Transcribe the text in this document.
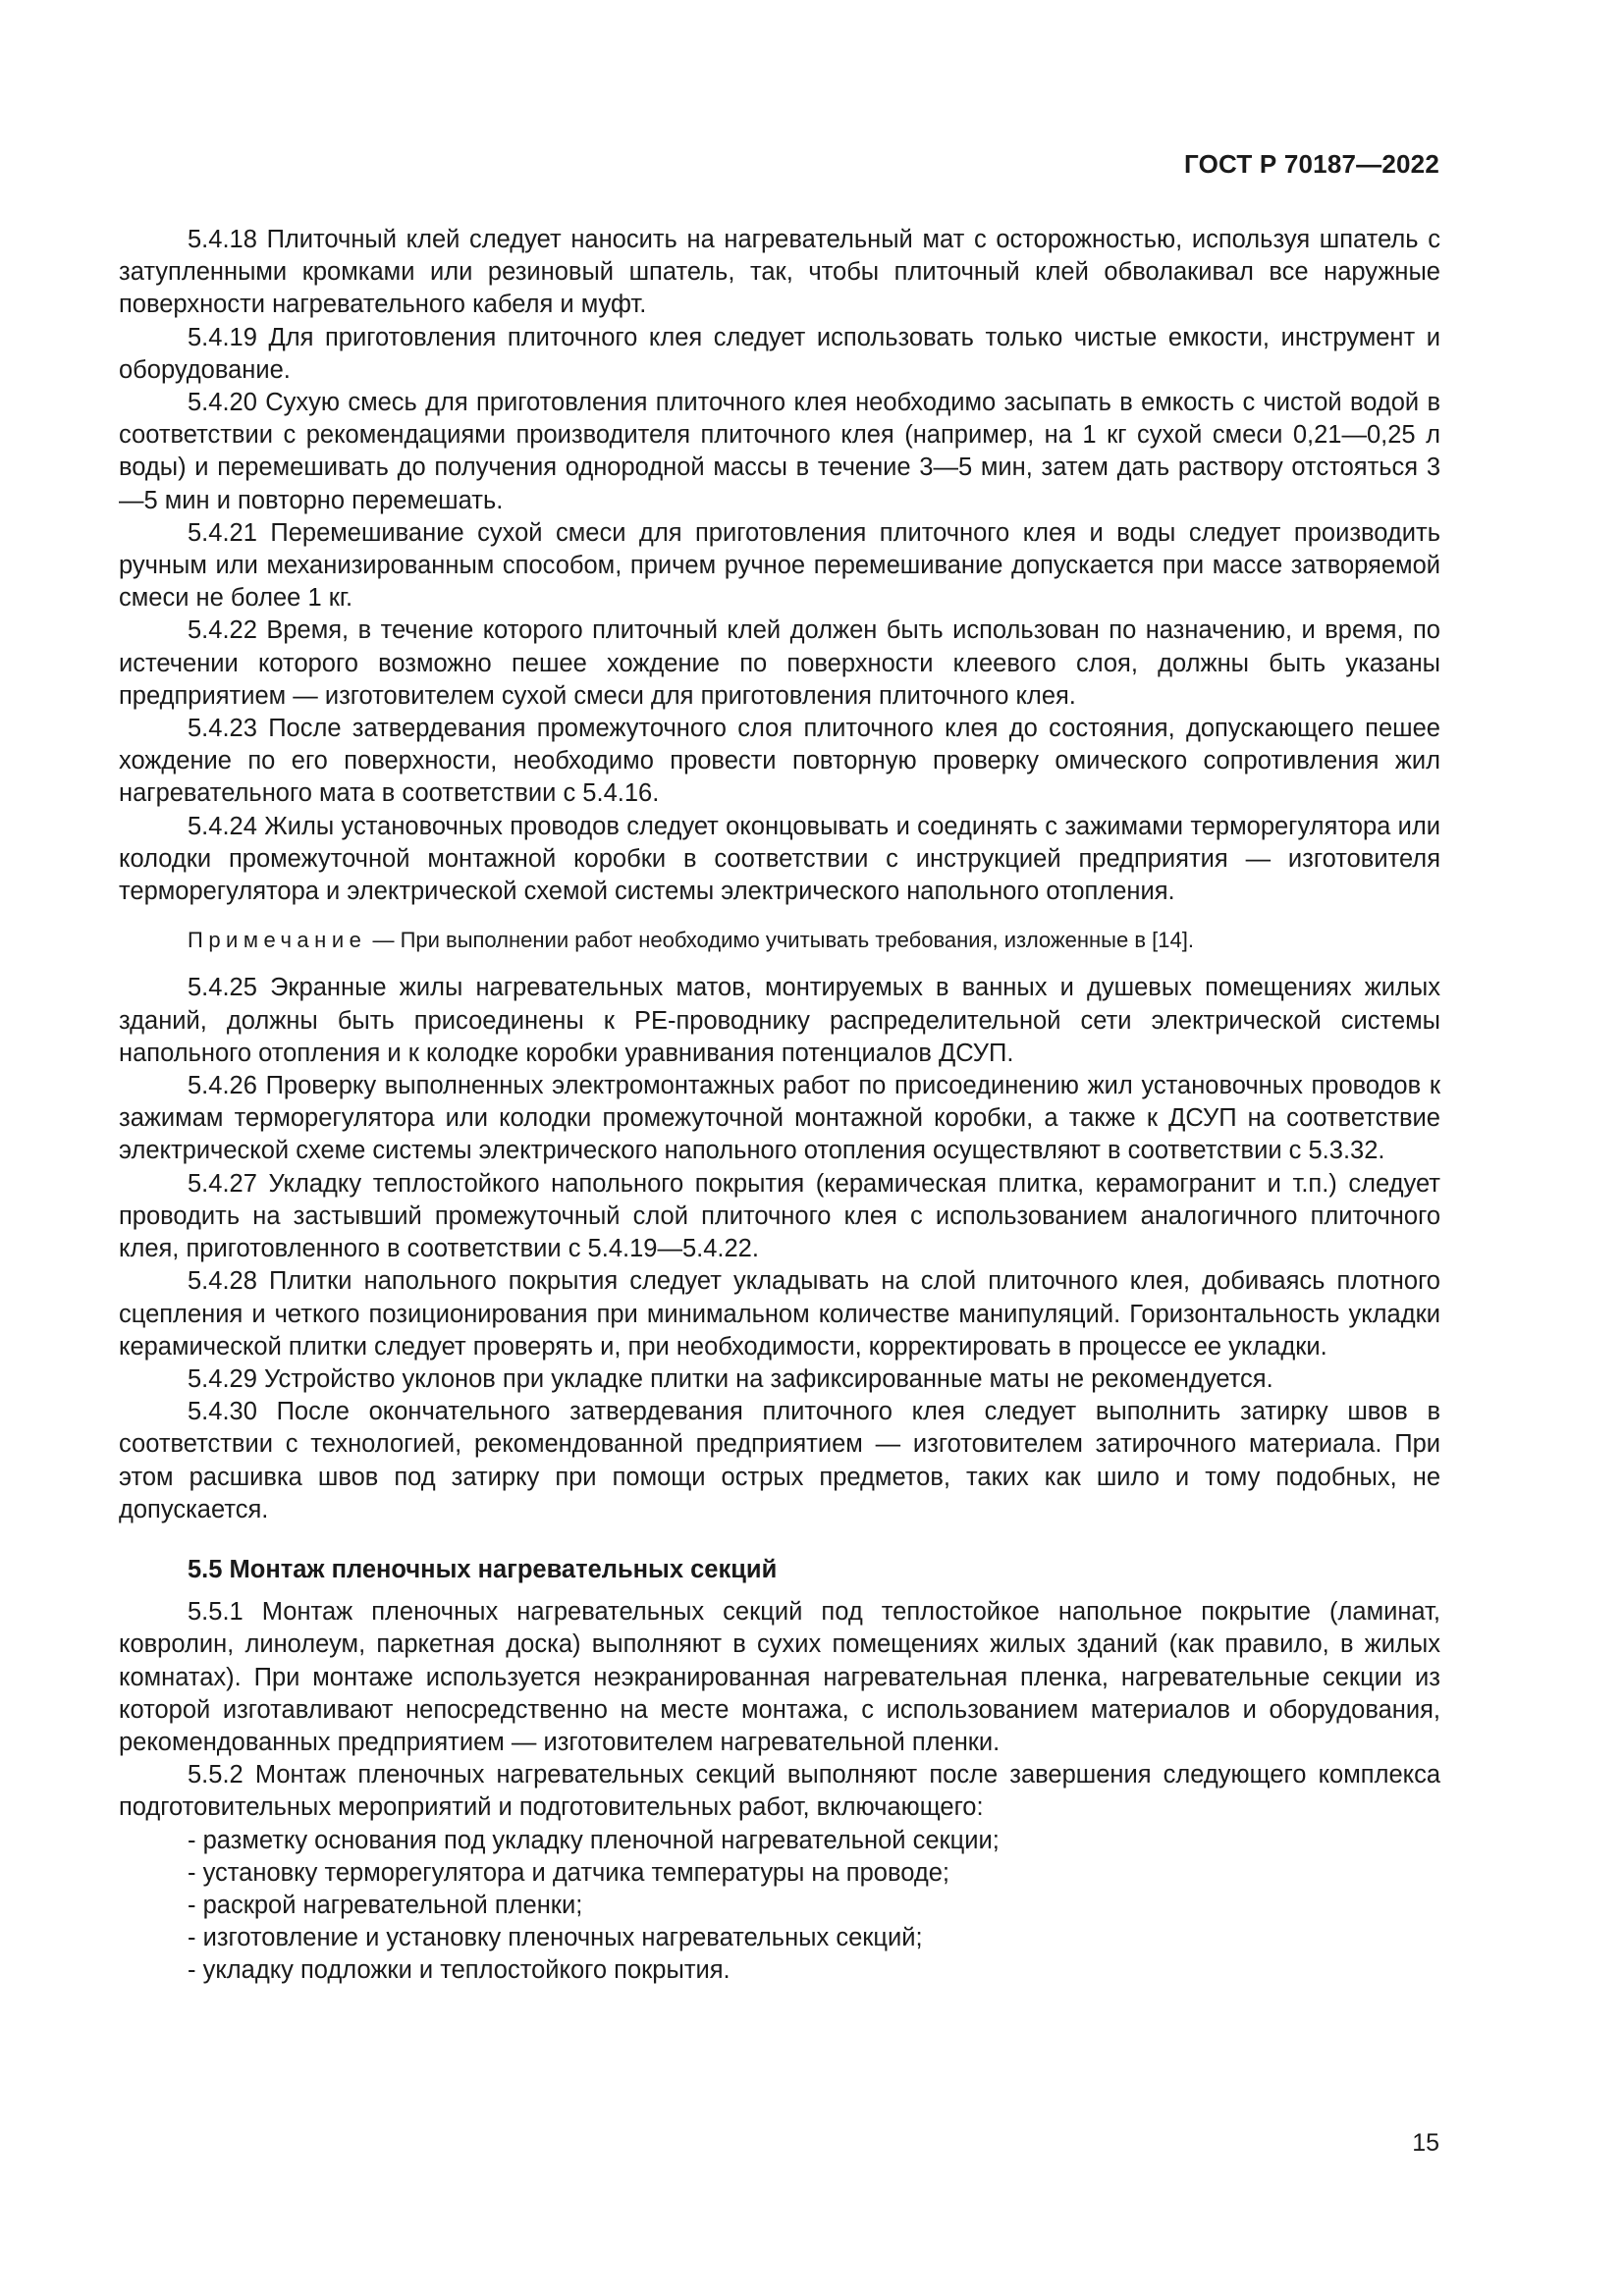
ГОСТ Р 70187—2022

5.4.18 Плиточный клей следует наносить на нагревательный мат с осторожностью, используя шпатель с затупленными кромками или резиновый шпатель, так, чтобы плиточный клей обволакивал все наружные поверхности нагревательного кабеля и муфт.

5.4.19 Для приготовления плиточного клея следует использовать только чистые емкости, инструмент и оборудование.

5.4.20 Сухую смесь для приготовления плиточного клея необходимо засыпать в емкость с чистой водой в соответствии с рекомендациями производителя плиточного клея (например, на 1 кг сухой смеси 0,21—0,25 л воды) и перемешивать до получения однородной массы в течение 3—5 мин, затем дать раствору отстояться 3—5 мин и повторно перемешать.

5.4.21 Перемешивание сухой смеси для приготовления плиточного клея и воды следует производить ручным или механизированным способом, причем ручное перемешивание допускается при массе затворяемой смеси не более 1 кг.

5.4.22 Время, в течение которого плиточный клей должен быть использован по назначению, и время, по истечении которого возможно пешее хождение по поверхности клеевого слоя, должны быть указаны предприятием — изготовителем сухой смеси для приготовления плиточного клея.

5.4.23 После затвердевания промежуточного слоя плиточного клея до состояния, допускающего пешее хождение по его поверхности, необходимо провести повторную проверку омического сопротивления жил нагревательного мата в соответствии с 5.4.16.

5.4.24 Жилы установочных проводов следует оконцовывать и соединять с зажимами терморегулятора или колодки промежуточной монтажной коробки в соответствии с инструкцией предприятия — изготовителя терморегулятора и электрической схемой системы электрического напольного отопления.

Примечание — При выполнении работ необходимо учитывать требования, изложенные в [14].

5.4.25 Экранные жилы нагревательных матов, монтируемых в ванных и душевых помещениях жилых зданий, должны быть присоединены к PE-проводнику распределительной сети электрической системы напольного отопления и к колодке коробки уравнивания потенциалов ДСУП.

5.4.26 Проверку выполненных электромонтажных работ по присоединению жил установочных проводов к зажимам терморегулятора или колодки промежуточной монтажной коробки, а также к ДСУП на соответствие электрической схеме системы электрического напольного отопления осуществляют в соответствии с 5.3.32.

5.4.27 Укладку теплостойкого напольного покрытия (керамическая плитка, керамогранит и т.п.) следует проводить на застывший промежуточный слой плиточного клея с использованием аналогичного плиточного клея, приготовленного в соответствии с 5.4.19—5.4.22.

5.4.28 Плитки напольного покрытия следует укладывать на слой плиточного клея, добиваясь плотного сцепления и четкого позиционирования при минимальном количестве манипуляций. Горизонтальность укладки керамической плитки следует проверять и, при необходимости, корректировать в процессе ее укладки.

5.4.29 Устройство уклонов при укладке плитки на зафиксированные маты не рекомендуется.

5.4.30 После окончательного затвердевания плиточного клея следует выполнить затирку швов в соответствии с технологией, рекомендованной предприятием — изготовителем затирочного материала. При этом расшивка швов под затирку при помощи острых предметов, таких как шило и тому подобных, не допускается.

5.5 Монтаж пленочных нагревательных секций

5.5.1 Монтаж пленочных нагревательных секций под теплостойкое напольное покрытие (ламинат, ковролин, линолеум, паркетная доска) выполняют в сухих помещениях жилых зданий (как правило, в жилых комнатах). При монтаже используется неэкранированная нагревательная пленка, нагревательные секции из которой изготавливают непосредственно на месте монтажа, с использованием материалов и оборудования, рекомендованных предприятием — изготовителем нагревательной пленки.

5.5.2 Монтаж пленочных нагревательных секций выполняют после завершения следующего комплекса подготовительных мероприятий и подготовительных работ, включающего:

- разметку основания под укладку пленочной нагревательной секции;
- установку терморегулятора и датчика температуры на проводе;
- раскрой нагревательной пленки;
- изготовление и установку пленочных нагревательных секций;
- укладку подложки и теплостойкого покрытия.
15
